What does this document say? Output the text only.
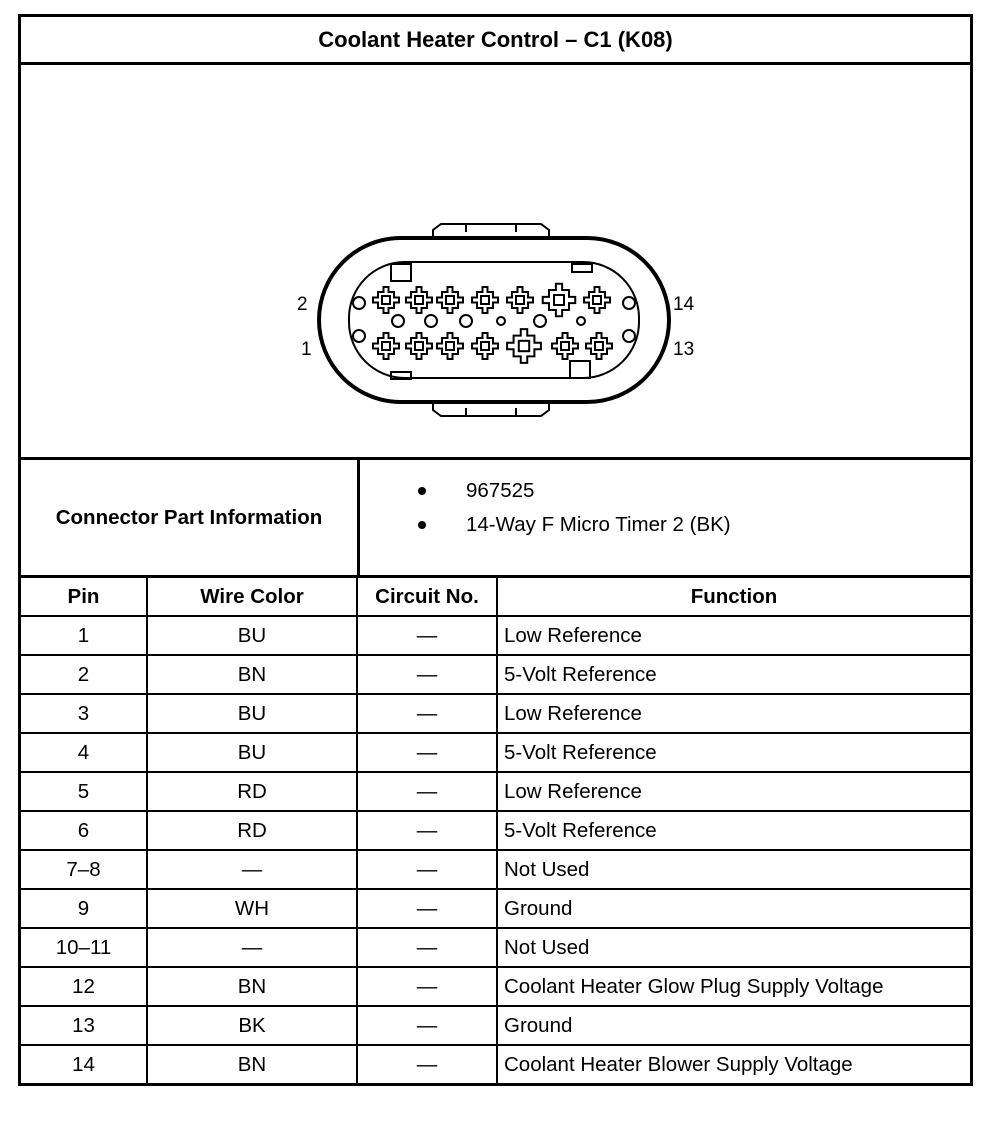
Coolant Heater Control – C1 (K08)
2
1
14
13
Connector Part Information
967525
14-Way F Micro Timer 2 (BK)
Pin	Wire Color	Circuit No.	Function
1	BU	—	Low Reference
2	BN	—	5-Volt Reference
3	BU	—	Low Reference
4	BU	—	5-Volt Reference
5	RD	—	Low Reference
6	RD	—	5-Volt Reference
7–8	—	—	Not Used
9	WH	—	Ground
10–11	—	—	Not Used
12	BN	—	Coolant Heater Glow Plug Supply Voltage
13	BK	—	Ground
14	BN	—	Coolant Heater Blower Supply Voltage
